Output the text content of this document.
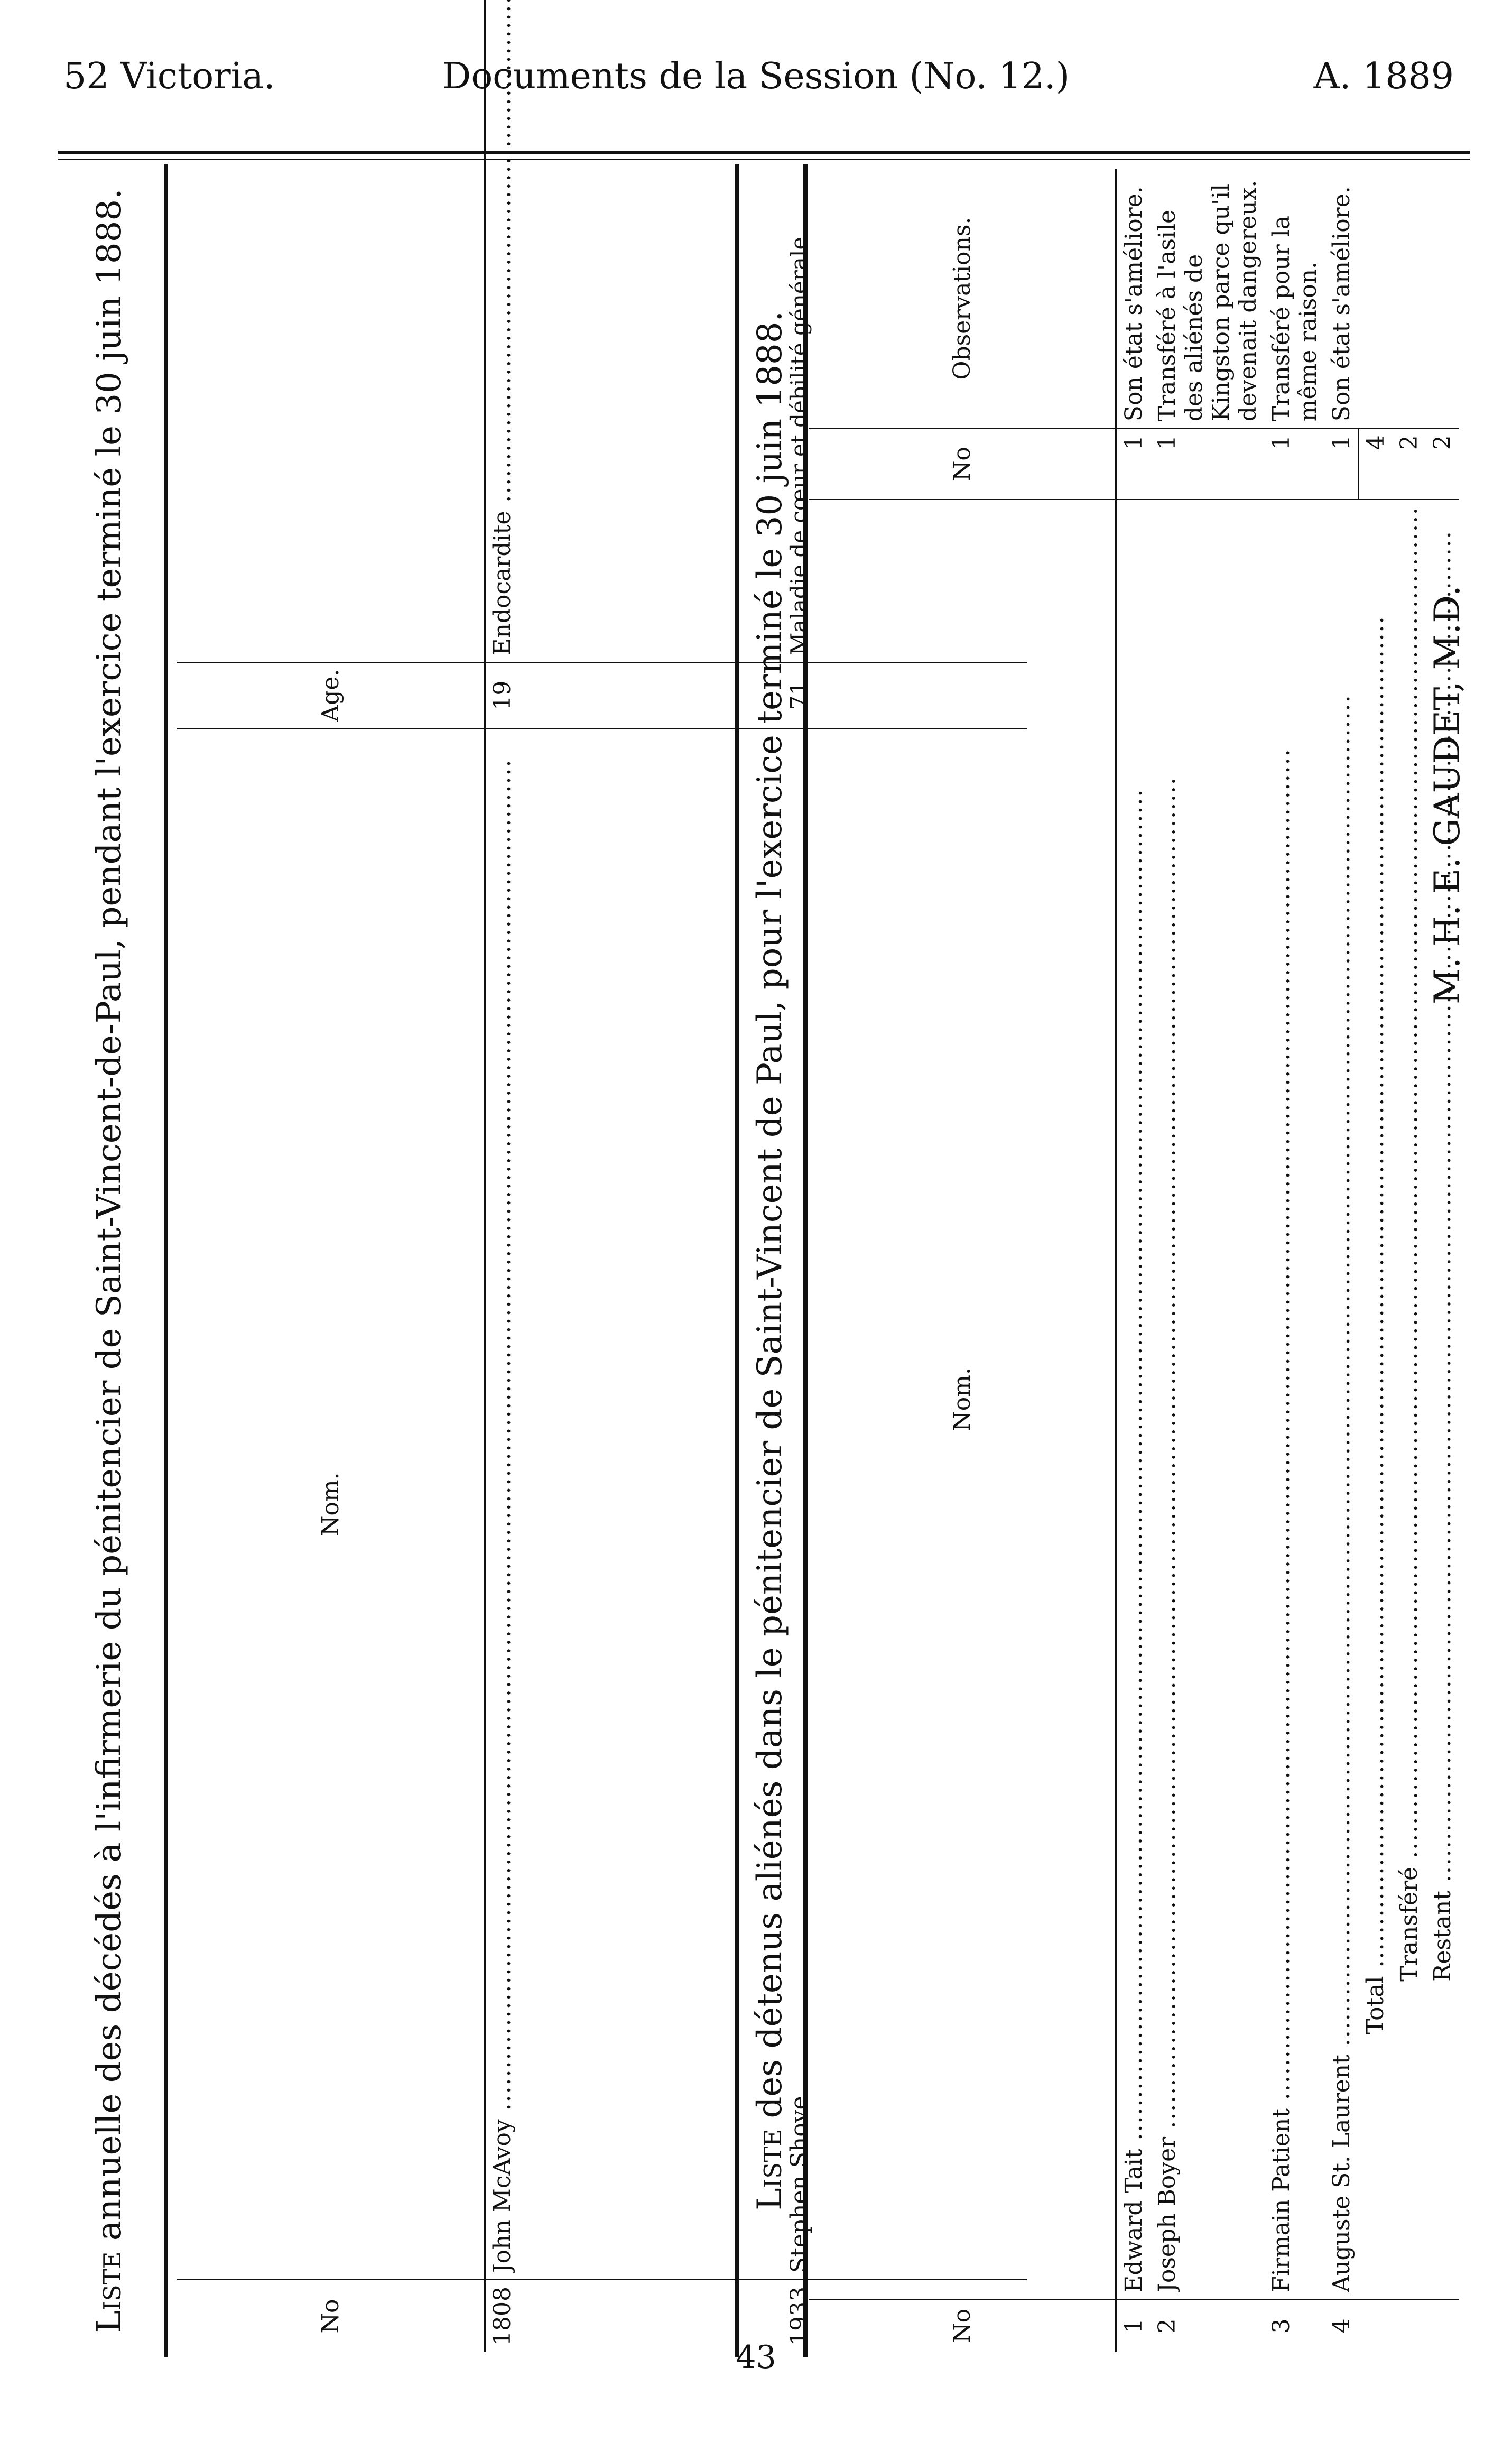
52 Victoria.	Documents de la Session (No. 12.)	A. 1889
Liste annuelle des décédés à l'infirmerie du pénitencier de Saint-Vincent-de-Paul, pendant l'exercice terminé le 30 juin 1888.
No	Nom.	Age.						
1808	John McAvoy .....	19	Endocardite .....

1933	Stephen Shove .....	71	Maladie de cœur et débilité générale.	

Liste des détenus aliénés dans le pénitencier de Saint-Vincent de Paul, pour l'exercice terminé le 30 juin 1888.
No	Nom.	No	Observations.
1	Edward Tait .....	1	Son état s'améliore.
2	Joseph Boyer .....	1	Transféré à l'asile des aliénés de Kingston parce qu'il devenait dangereux.
3	Firmain Patient .....	1	Transféré pour la même raison.
4	Auguste St. Laurent .....	1	Son état s'améliore.

	Total .....	4	

	Transféré .....	2	

	Restant .....	2	
M. H. E. GAUDET, M.D.
43
